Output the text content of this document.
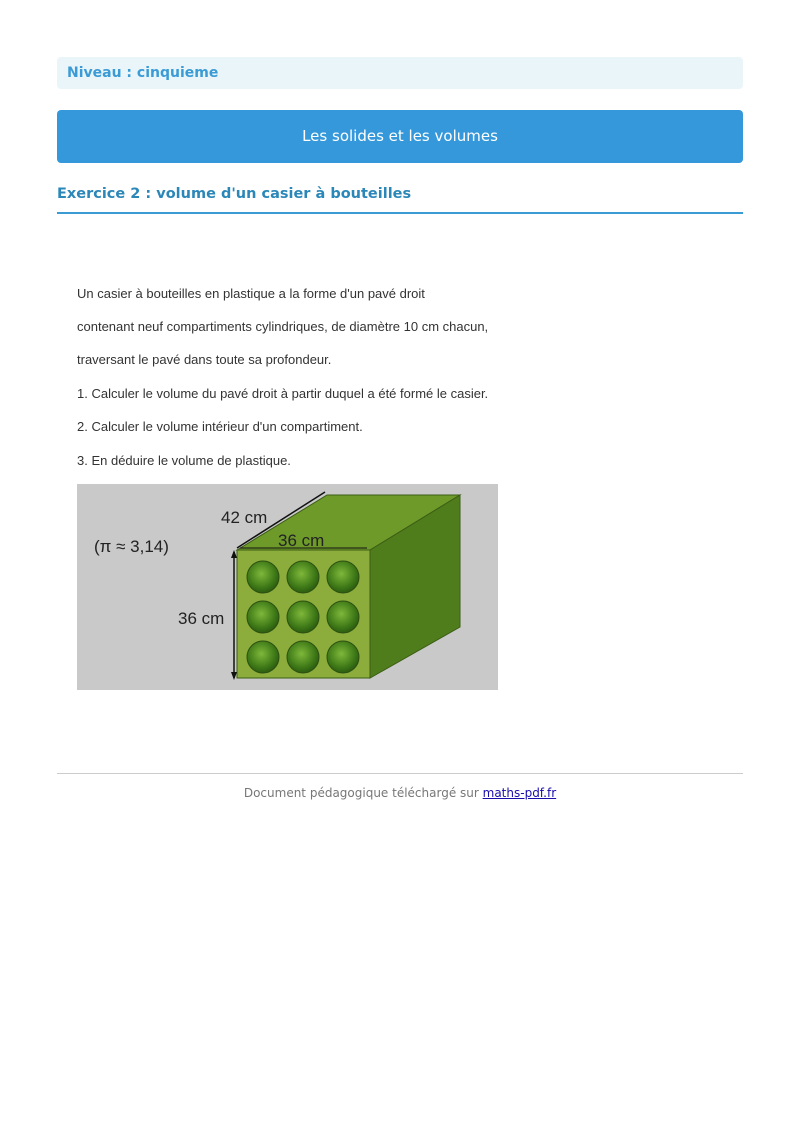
Niveau : cinquieme
Les solides et les volumes
Exercice 2 : volume d'un casier à bouteilles
Un casier à bouteilles en plastique a la forme d'un pavé droit
contenant neuf compartiments cylindriques, de diamètre 10 cm chacun,
traversant le pavé dans toute sa profondeur.
1. Calculer le volume du pavé droit à partir duquel a été formé le casier.
2. Calculer le volume intérieur d'un compartiment.
3. En déduire le volume de plastique.
(π ≈ 3,14)
42 cm
36 cm
36 cm
Document pédagogique téléchargé sur maths-pdf.fr
